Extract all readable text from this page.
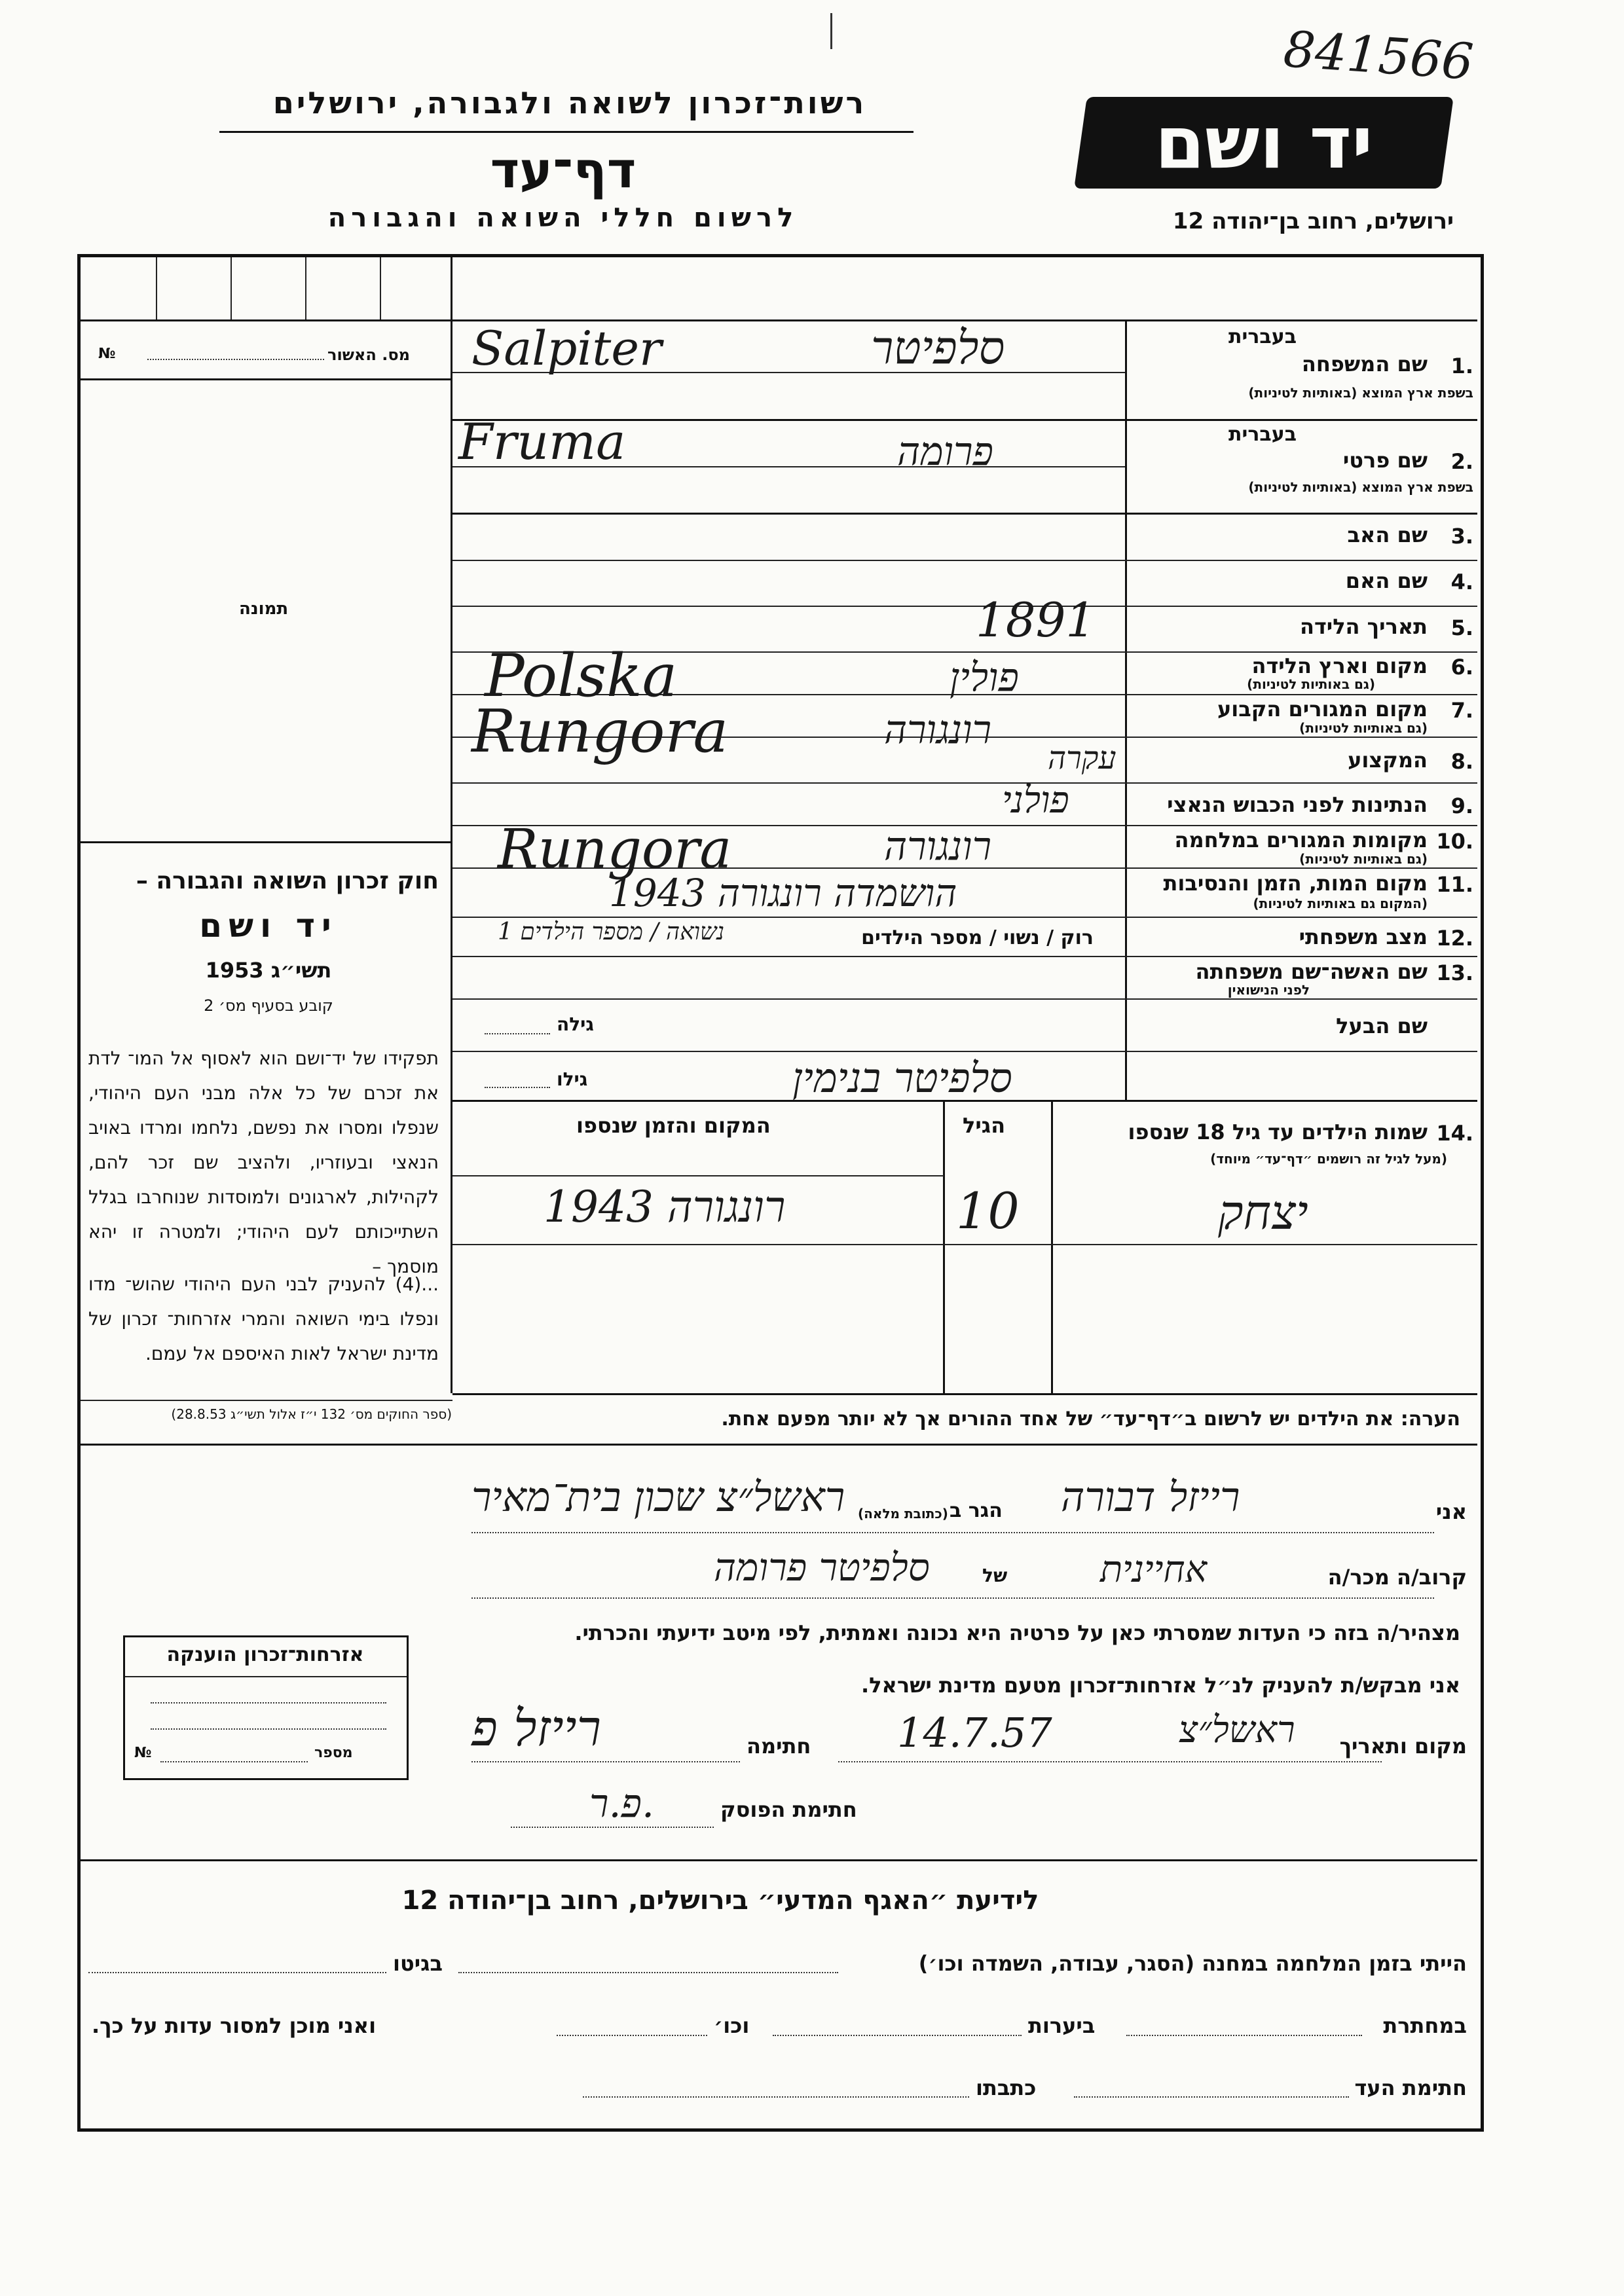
841566
רשות־זכרון לשואה ולגבורה, ירושלים
דף־עד
לרשום חללי השואה והגבורה
יד ושם
ירושלים, רחוב בן־יהודה 12
מס. האשור
№
תמונה
חוק זכרון השואה והגבורה –
יד ושם
תשי״ג 1953
קובע בסעיף מס׳ 2
תפקידו של יד־ושם הוא לאסוף אל המו־ לדת את זכרם של כל אלה מבני העם היהודי, שנפלו ומסרו את נפשם, נלחמו ומרדו באויב הנאצי ובעוזריו, ולהציב שם זכר להם, לקהילות, לארגונים ולמוסדות שנוחרבו בגלל השתייכותם לעם היהודי; ולמטרה זו יהא מוסמך –
...(4) להעניק לבני העם היהודי שהוש־ מדו ונפלו בימי השואה והמרי אזרחות־ זכרון של מדינת ישראל לאות האיספם אל עמם.
(ספר החוקים מס׳ 132 י״ז אלול תשי״ג 28.8.53)
בעברית
שם המשפחה 1.
בשפת ארץ המוצא (באותיות לטיניות)
בעברית
שם פרטי 2.
בשפת ארץ המוצא (באותיות לטיניות)
שם האב 3.
שם האם 4.
תאריך הלידה 5.
מקום וארץ הלידה 6.
(גם באותיות לטיניות)
מקום המגורים הקבוע 7.
(גם באותיות לטיניות)
המקצוע 8.
הנתינות לפני הכבוש הנאצי 9.
מקומות המגורים במלחמה 10.
(גם באותיות לטיניות)
מקום המות, הזמן והנסיבות 11.
(המקום גם באותיות לטיניות)
מצב משפחתי 12.
שם האשה־שם משפחתה 13.
לפני הנישואין
שם הבעל
סלפיטר
Salpiter
פרומה
Fruma
1891
פולין
Polska
רונגורה
Rungora	עקרה
פולני
רונגורה
Rungora
הושמדה רונגורה 1943
רוק / נשוי / מספר הילדים
נשואה / מספר הילדים 1
גילה
סלפיטר בנימין
גילו
שמות הילדים עד גיל 18 שנספו 14.
(מעל לגיל זה רושמים ״דף־עד״ מיוחד)
הגיל
המקום והזמן שנספו
יצחק
10
רונגורה 1943
הערה: את הילדים יש לרשום ב״דף־עד״ של אחד ההורים אך לא יותר מפעם אחת.
אני
רייזל דבורה
הגר ב
(כתובת מלאה)
ראשל״צ שכון בית־מאיר
קרוב/ה מכר/ה
אחיינית
של
סלפיטר פרומה
מצהיר/ה בזה כי העדות שמסרתי כאן על פרטיה היא נכונה ואמתית, לפי מיטב ידיעתי והכרתי.
אני מבקש/ת להעניק לנ״ל אזרחות־זכרון מטעם מדינת ישראל.
מקום ותאריך
ראשל״צ
14.7.57
חתימה
רייזל פ
חתימת הפוסק
פ.ר.
אזרחות־זכרון הוענקה
מספר
№
לידיעת ״האגף המדעי״ בירושלים, רחוב בן־יהודה 12
הייתי בזמן המלחמה במחנה (הסגר, עבודה, השמדה וכו׳)
בגיטו
במחתרת
ביערות
וכו׳
ואני מוכן למסור עדות על כך.
חתימת העד
כתבתו
